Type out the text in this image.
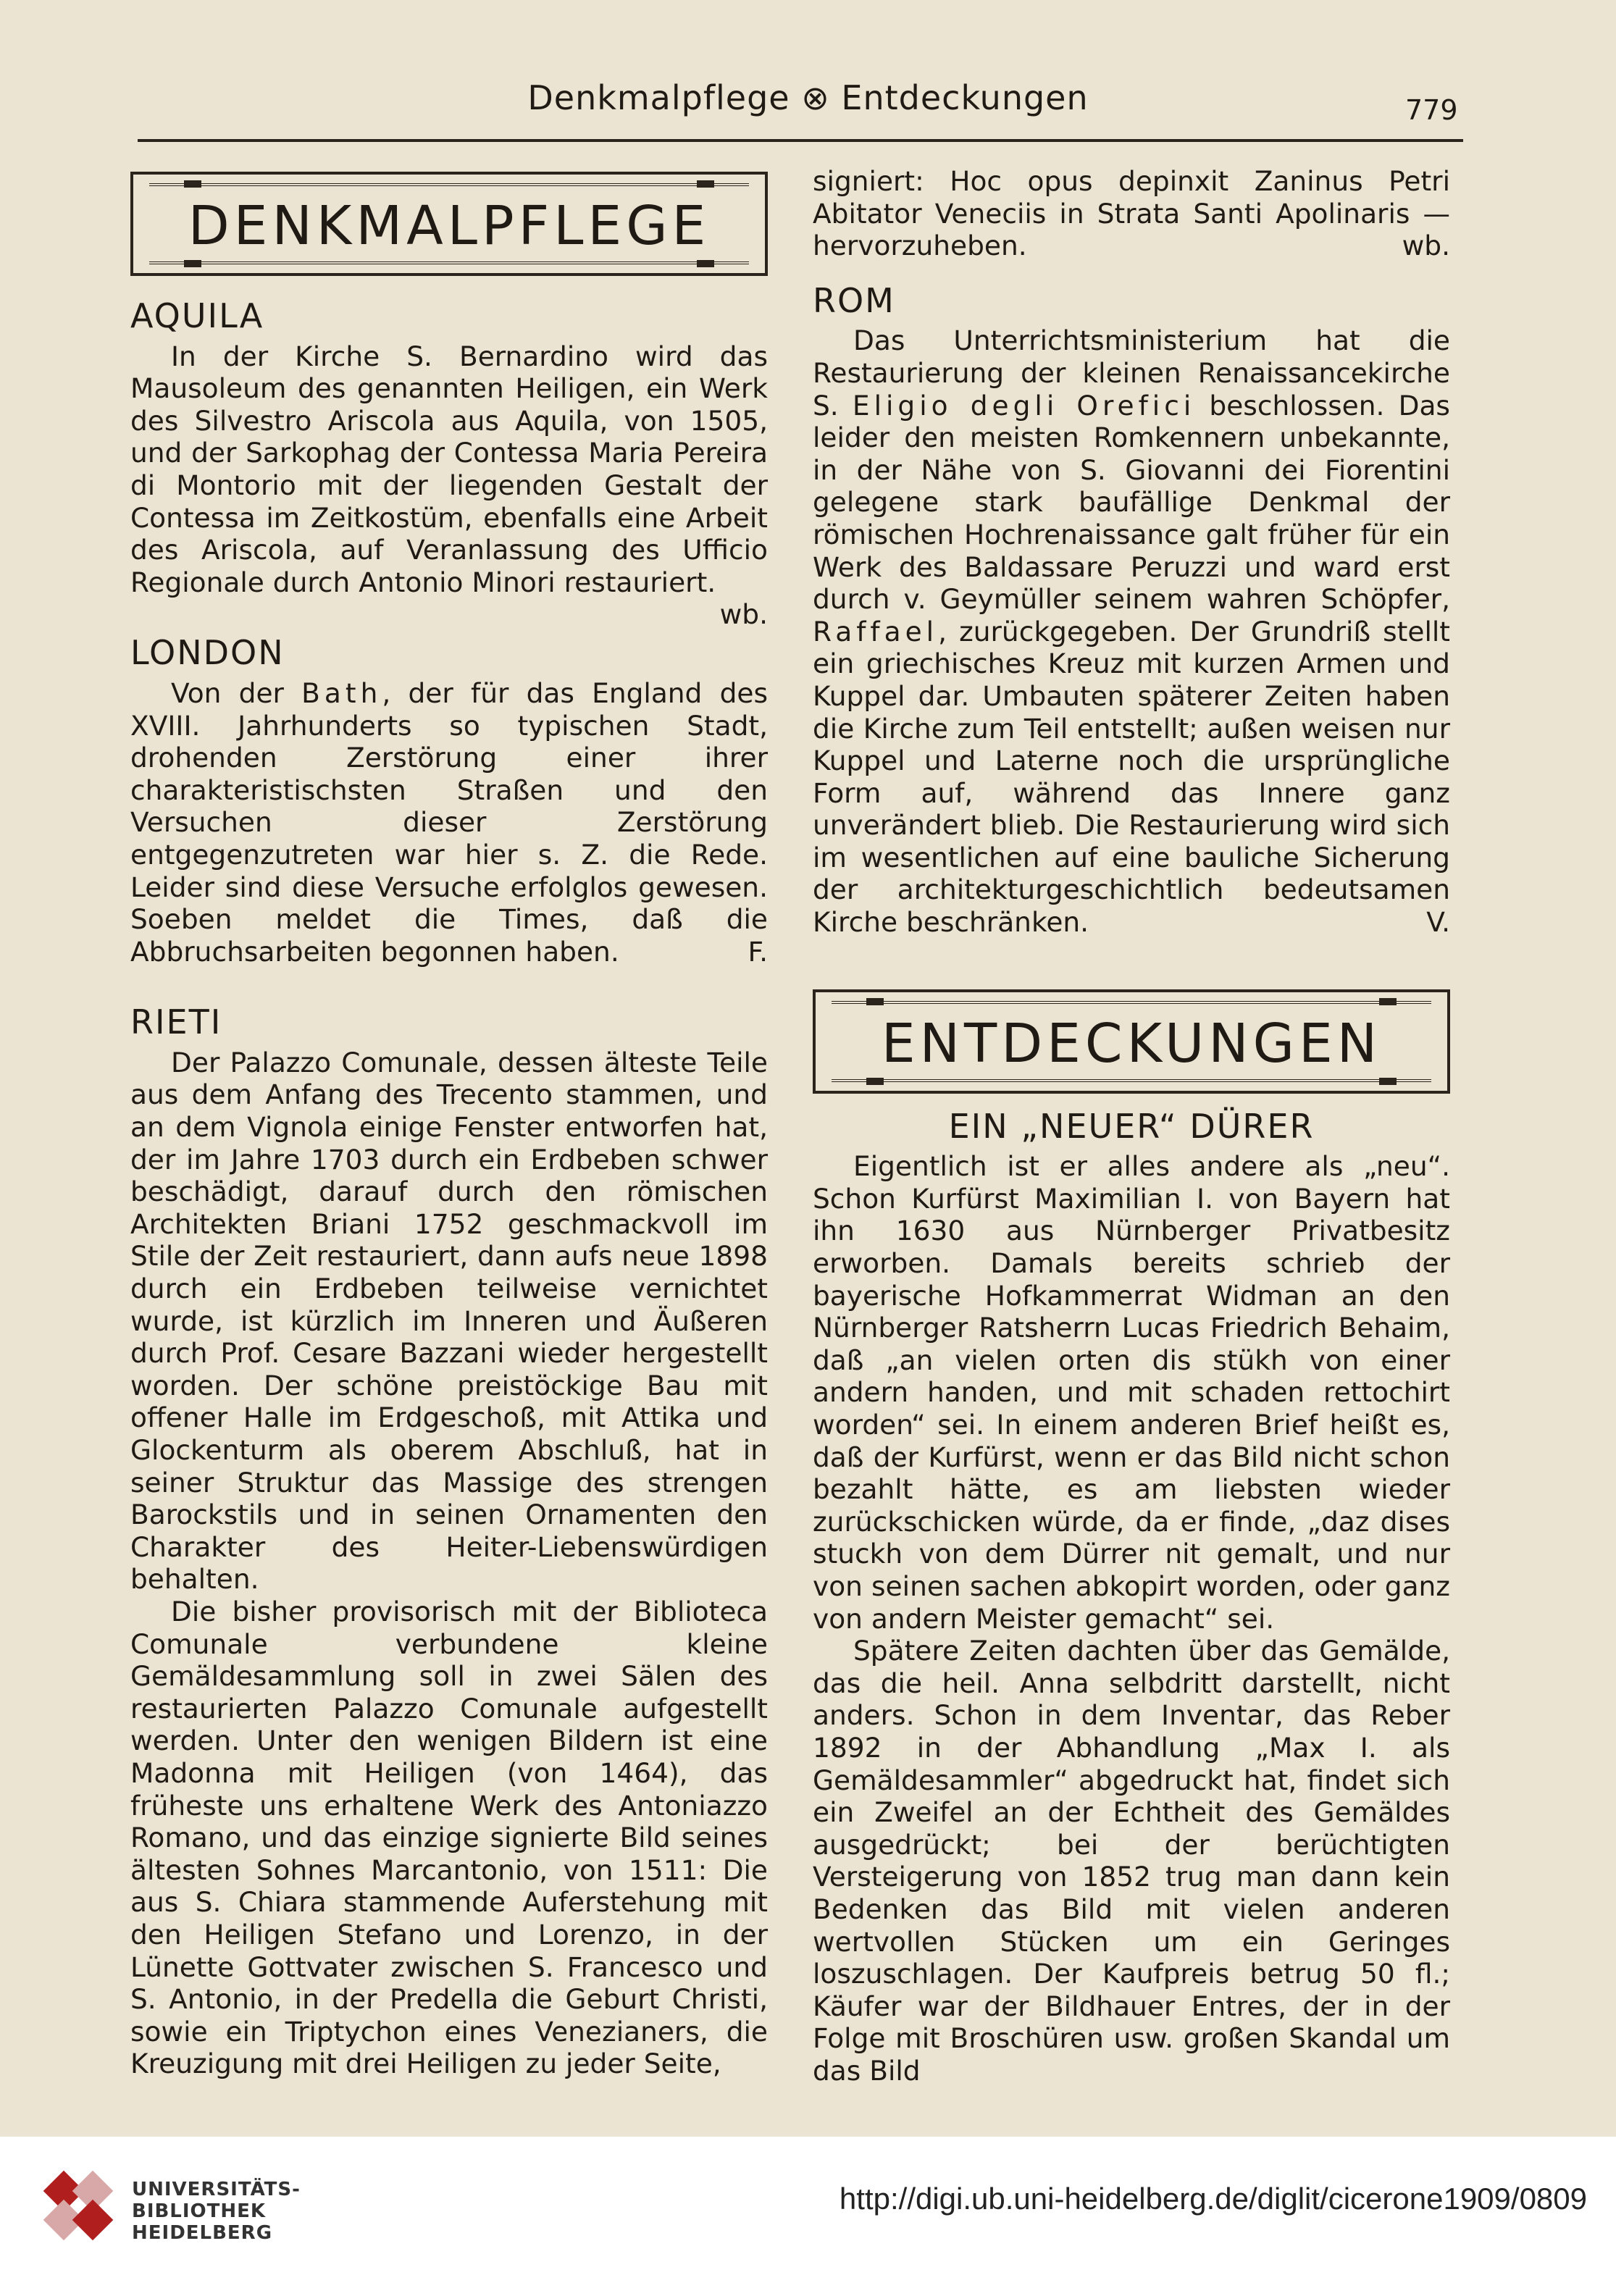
Denkmalpflege ⊗ Entdeckungen	779
DENKMALPFLEGE
AQUILA

In der Kirche S. Bernardino wird das Mausoleum des genannten Heiligen, ein Werk des Silvestro Ariscola aus Aquila, von 1505, und der Sarkophag der Contessa Maria Pereira di Montorio mit der liegenden Gestalt der Contessa im Zeitkostüm, ebenfalls eine Arbeit des Ariscola, auf Veranlassung des Ufficio Regionale durch Antonio Minori restauriert.
wb.

LONDON

Von der Bath, der für das England des XVIII. Jahrhunderts so typischen Stadt, drohenden Zerstörung einer ihrer charakteristischsten Straßen und den Versuchen dieser Zerstörung entgegenzutreten war hier s. Z. die Rede. Leider sind diese Versuche erfolglos gewesen. Soeben meldet die Times, daß die Abbruchsarbeiten begonnen haben.	F.

RIETI

Der Palazzo Comunale, dessen älteste Teile aus dem Anfang des Trecento stammen, und an dem Vignola einige Fenster entworfen hat, der im Jahre 1703 durch ein Erdbeben schwer beschädigt, darauf durch den römischen Architekten Briani 1752 geschmackvoll im Stile der Zeit restauriert, dann aufs neue 1898 durch ein Erdbeben teilweise vernichtet wurde, ist kürzlich im Inneren und Äußeren durch Prof. Cesare Bazzani wieder hergestellt worden. Der schöne preistöckige Bau mit offener Halle im Erdgeschoß, mit Attika und Glockenturm als oberem Abschluß, hat in seiner Struktur das Massige des strengen Barockstils und in seinen Ornamenten den Charakter des Heiter-Liebenswürdigen behalten.

Die bisher provisorisch mit der Biblioteca Comunale verbundene kleine Gemäldesammlung soll in zwei Sälen des restaurierten Palazzo Comunale aufgestellt werden. Unter den wenigen Bildern ist eine Madonna mit Heiligen (von 1464), das früheste uns erhaltene Werk des Antoniazzo Romano, und das einzige signierte Bild seines ältesten Sohnes Marcantonio, von 1511: Die aus S. Chiara stammende Auferstehung mit den Heiligen Stefano und Lorenzo, in der Lünette Gottvater zwischen S. Francesco und S. Antonio, in der Predella die Geburt Christi, sowie ein Triptychon eines Venezianers, die Kreuzigung mit drei Heiligen zu jeder Seite,

signiert: Hoc opus depinxit Zaninus Petri Abitator Veneciis in Strata Santi Apolinaris — hervorzuheben.	wb.

ROM

Das Unterrichtsministerium hat die Restaurierung der kleinen Renaissancekirche S. Eligio degli Orefici beschlossen. Das leider den meisten Romkennern unbekannte, in der Nähe von S. Giovanni dei Fiorentini gelegene stark baufällige Denkmal der römischen Hochrenaissance galt früher für ein Werk des Baldassare Peruzzi und ward erst durch v. Geymüller seinem wahren Schöpfer, Raffael, zurückgegeben. Der Grundriß stellt ein griechisches Kreuz mit kurzen Armen und Kuppel dar. Umbauten späterer Zeiten haben die Kirche zum Teil entstellt; außen weisen nur Kuppel und Laterne noch die ursprüngliche Form auf, während das Innere ganz unverändert blieb. Die Restaurierung wird sich im wesentlichen auf eine bauliche Sicherung der architekturgeschichtlich bedeutsamen Kirche beschränken.	V.

ENTDECKUNGEN
EIN „NEUER“ DÜRER

Eigentlich ist er alles andere als „neu“. Schon Kurfürst Maximilian I. von Bayern hat ihn 1630 aus Nürnberger Privatbesitz erworben. Damals bereits schrieb der bayerische Hofkammerrat Widman an den Nürnberger Ratsherrn Lucas Friedrich Behaim, daß „an vielen orten dis stükh von einer andern handen, und mit schaden rettochirt worden“ sei. In einem anderen Brief heißt es, daß der Kurfürst, wenn er das Bild nicht schon bezahlt hätte, es am liebsten wieder zurückschicken würde, da er finde, „daz dises stuckh von dem Dürrer nit gemalt, und nur von seinen sachen abkopirt worden, oder ganz von andern Meister gemacht“ sei.

Spätere Zeiten dachten über das Gemälde, das die heil. Anna selbdritt darstellt, nicht anders. Schon in dem Inventar, das Reber 1892 in der Abhandlung „Max I. als Gemäldesammler“ abgedruckt hat, findet sich ein Zweifel an der Echtheit des Gemäldes ausgedrückt; bei der berüchtigten Versteigerung von 1852 trug man dann kein Bedenken das Bild mit vielen anderen wertvollen Stücken um ein Geringes loszuschlagen. Der Kaufpreis betrug 50 fl.; Käufer war der Bildhauer Entres, der in der Folge mit Broschüren usw. großen Skandal um das Bild

UNIVERSITÄTS-
BIBLIOTHEK
HEIDELBERG
http://digi.ub.uni-heidelberg.de/diglit/cicerone1909/0809
